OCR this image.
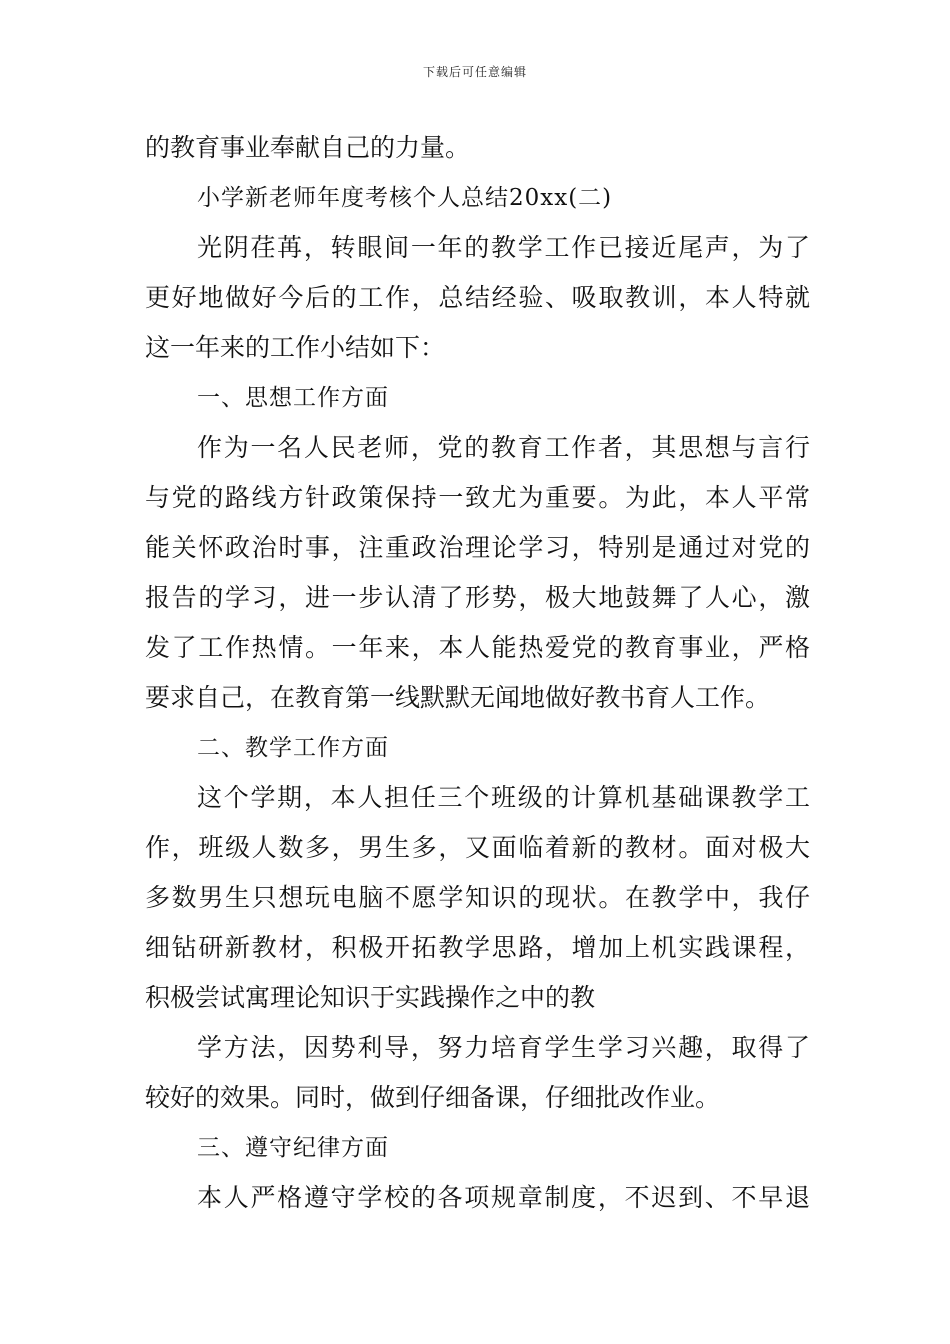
下载后可任意编辑
的教育事业奉献自己的力量。
小学新老师年度考核个人总结20xx(二)
光阴荏苒，转眼间一年的教学工作已接近尾声，为了
更好地做好今后的工作，总结经验、吸取教训，本人特就
这一年来的工作小结如下：
一、思想工作方面
作为一名人民老师，党的教育工作者，其思想与言行
与党的路线方针政策保持一致尤为重要。为此，本人平常
能关怀政治时事，注重政治理论学习，特别是通过对党的
报告的学习，进一步认清了形势，极大地鼓舞了人心，激
发了工作热情。一年来，本人能热爱党的教育事业，严格
要求自己，在教育第一线默默无闻地做好教书育人工作。
二、教学工作方面
这个学期，本人担任三个班级的计算机基础课教学工
作，班级人数多，男生多，又面临着新的教材。面对极大
多数男生只想玩电脑不愿学知识的现状。在教学中，我仔
细钻研新教材，积极开拓教学思路，增加上机实践课程，
积极尝试寓理论知识于实践操作之中的教
学方法，因势利导，努力培育学生学习兴趣，取得了
较好的效果。同时，做到仔细备课，仔细批改作业。
三、遵守纪律方面
本人严格遵守学校的各项规章制度，不迟到、不早退
